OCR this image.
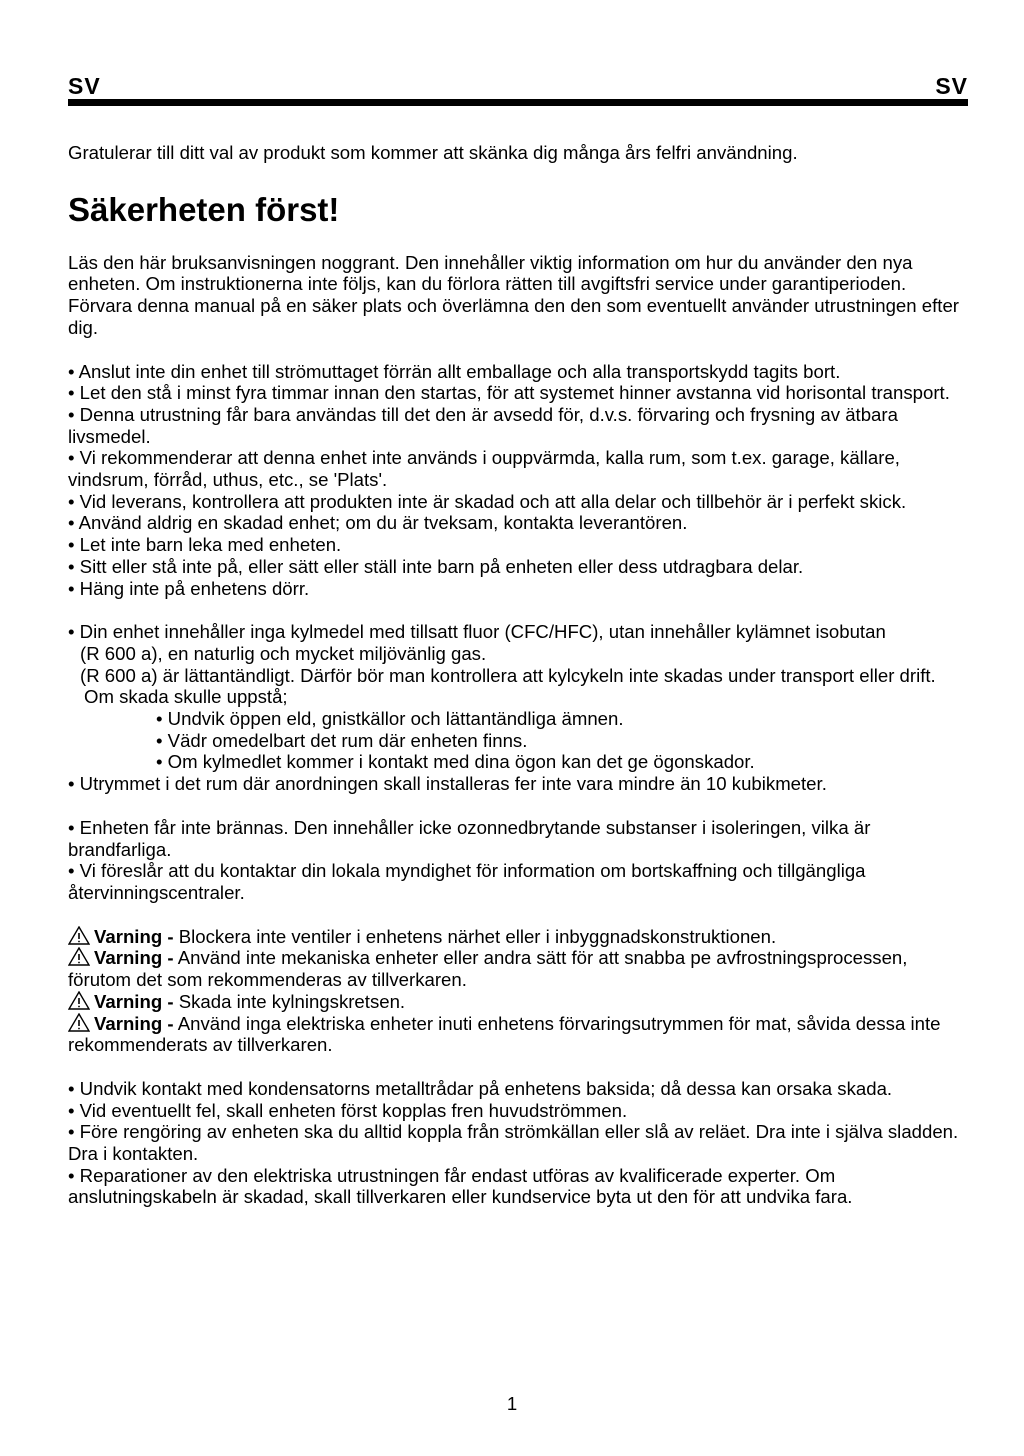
SV	SV

Gratulerar till ditt val av produkt som kommer att skänka dig många års felfri användning.

Säkerheten först!

Läs den här bruksanvisningen noggrant. Den innehåller viktig information om hur du använder den nya enheten. Om instruktionerna inte följs, kan du förlora rätten till avgiftsfri service under garantiperioden. Förvara denna manual på en säker plats och överlämna den den som eventuellt använder utrustningen efter dig.

• Anslut inte din enhet till strömuttaget förrän allt emballage och alla transportskydd tagits bort.

• Let den stå i minst fyra timmar innan den startas, för att systemet hinner avstanna vid horisontal transport.

• Denna utrustning får bara användas till det den är avsedd för, d.v.s. förvaring och frysning av ätbara livsmedel.

• Vi rekommenderar att denna enhet inte används i ouppvärmda, kalla rum, som t.ex. garage, källare, vindsrum, förråd, uthus, etc., se 'Plats'.

• Vid leverans, kontrollera att produkten inte är skadad och att alla delar och tillbehör är i perfekt skick.

• Använd aldrig en skadad enhet; om du är tveksam, kontakta leverantören.

• Let inte barn leka med enheten.

• Sitt eller stå inte på, eller sätt eller ställ inte barn på enheten eller dess utdragbara delar.

• Häng inte på enhetens dörr.

• Din enhet innehåller inga kylmedel med tillsatt fluor (CFC/HFC), utan innehåller kylämnet isobutan

(R 600 a), en naturlig och mycket miljövänlig gas.

(R 600 a) är lättantändligt. Därför bör man kontrollera att kylcykeln inte skadas under transport eller drift.

Om skada skulle uppstå;

• Undvik öppen eld, gnistkällor och lättantändliga ämnen.

• Vädr omedelbart det rum där enheten finns.

• Om kylmedlet kommer i kontakt med dina ögon kan det ge ögonskador.

• Utrymmet i det rum där anordningen skall installeras fer inte vara mindre än 10 kubikmeter.

• Enheten får inte brännas. Den innehåller icke ozonnedbrytande substanser i isoleringen, vilka är brandfarliga.

• Vi föreslår att du kontaktar din lokala myndighet för information om bortskaffning och tillgängliga återvinningscentraler.

Varning - Blockera inte ventiler i enhetens närhet eller i inbyggnadskonstruktionen.

Varning - Använd inte mekaniska enheter eller andra sätt för att snabba pe avfrostningsprocessen, förutom det som rekommenderas av tillverkaren.

Varning - Skada inte kylningskretsen.

Varning - Använd inga elektriska enheter inuti enhetens förvaringsutrymmen för mat, såvida dessa inte rekommenderats av tillverkaren.

• Undvik kontakt med kondensatorns metalltrådar på enhetens baksida; då dessa kan orsaka skada.

• Vid eventuellt fel, skall enheten först kopplas fren huvudströmmen.

• Före rengöring av enheten ska du alltid koppla från strömkällan eller slå av reläet. Dra inte i själva sladden. Dra i kontakten.

• Reparationer av den elektriska utrustningen får endast utföras av kvalificerade experter. Om anslutningskabeln är skadad, skall tillverkaren eller kundservice byta ut den för att undvika fara.

1
